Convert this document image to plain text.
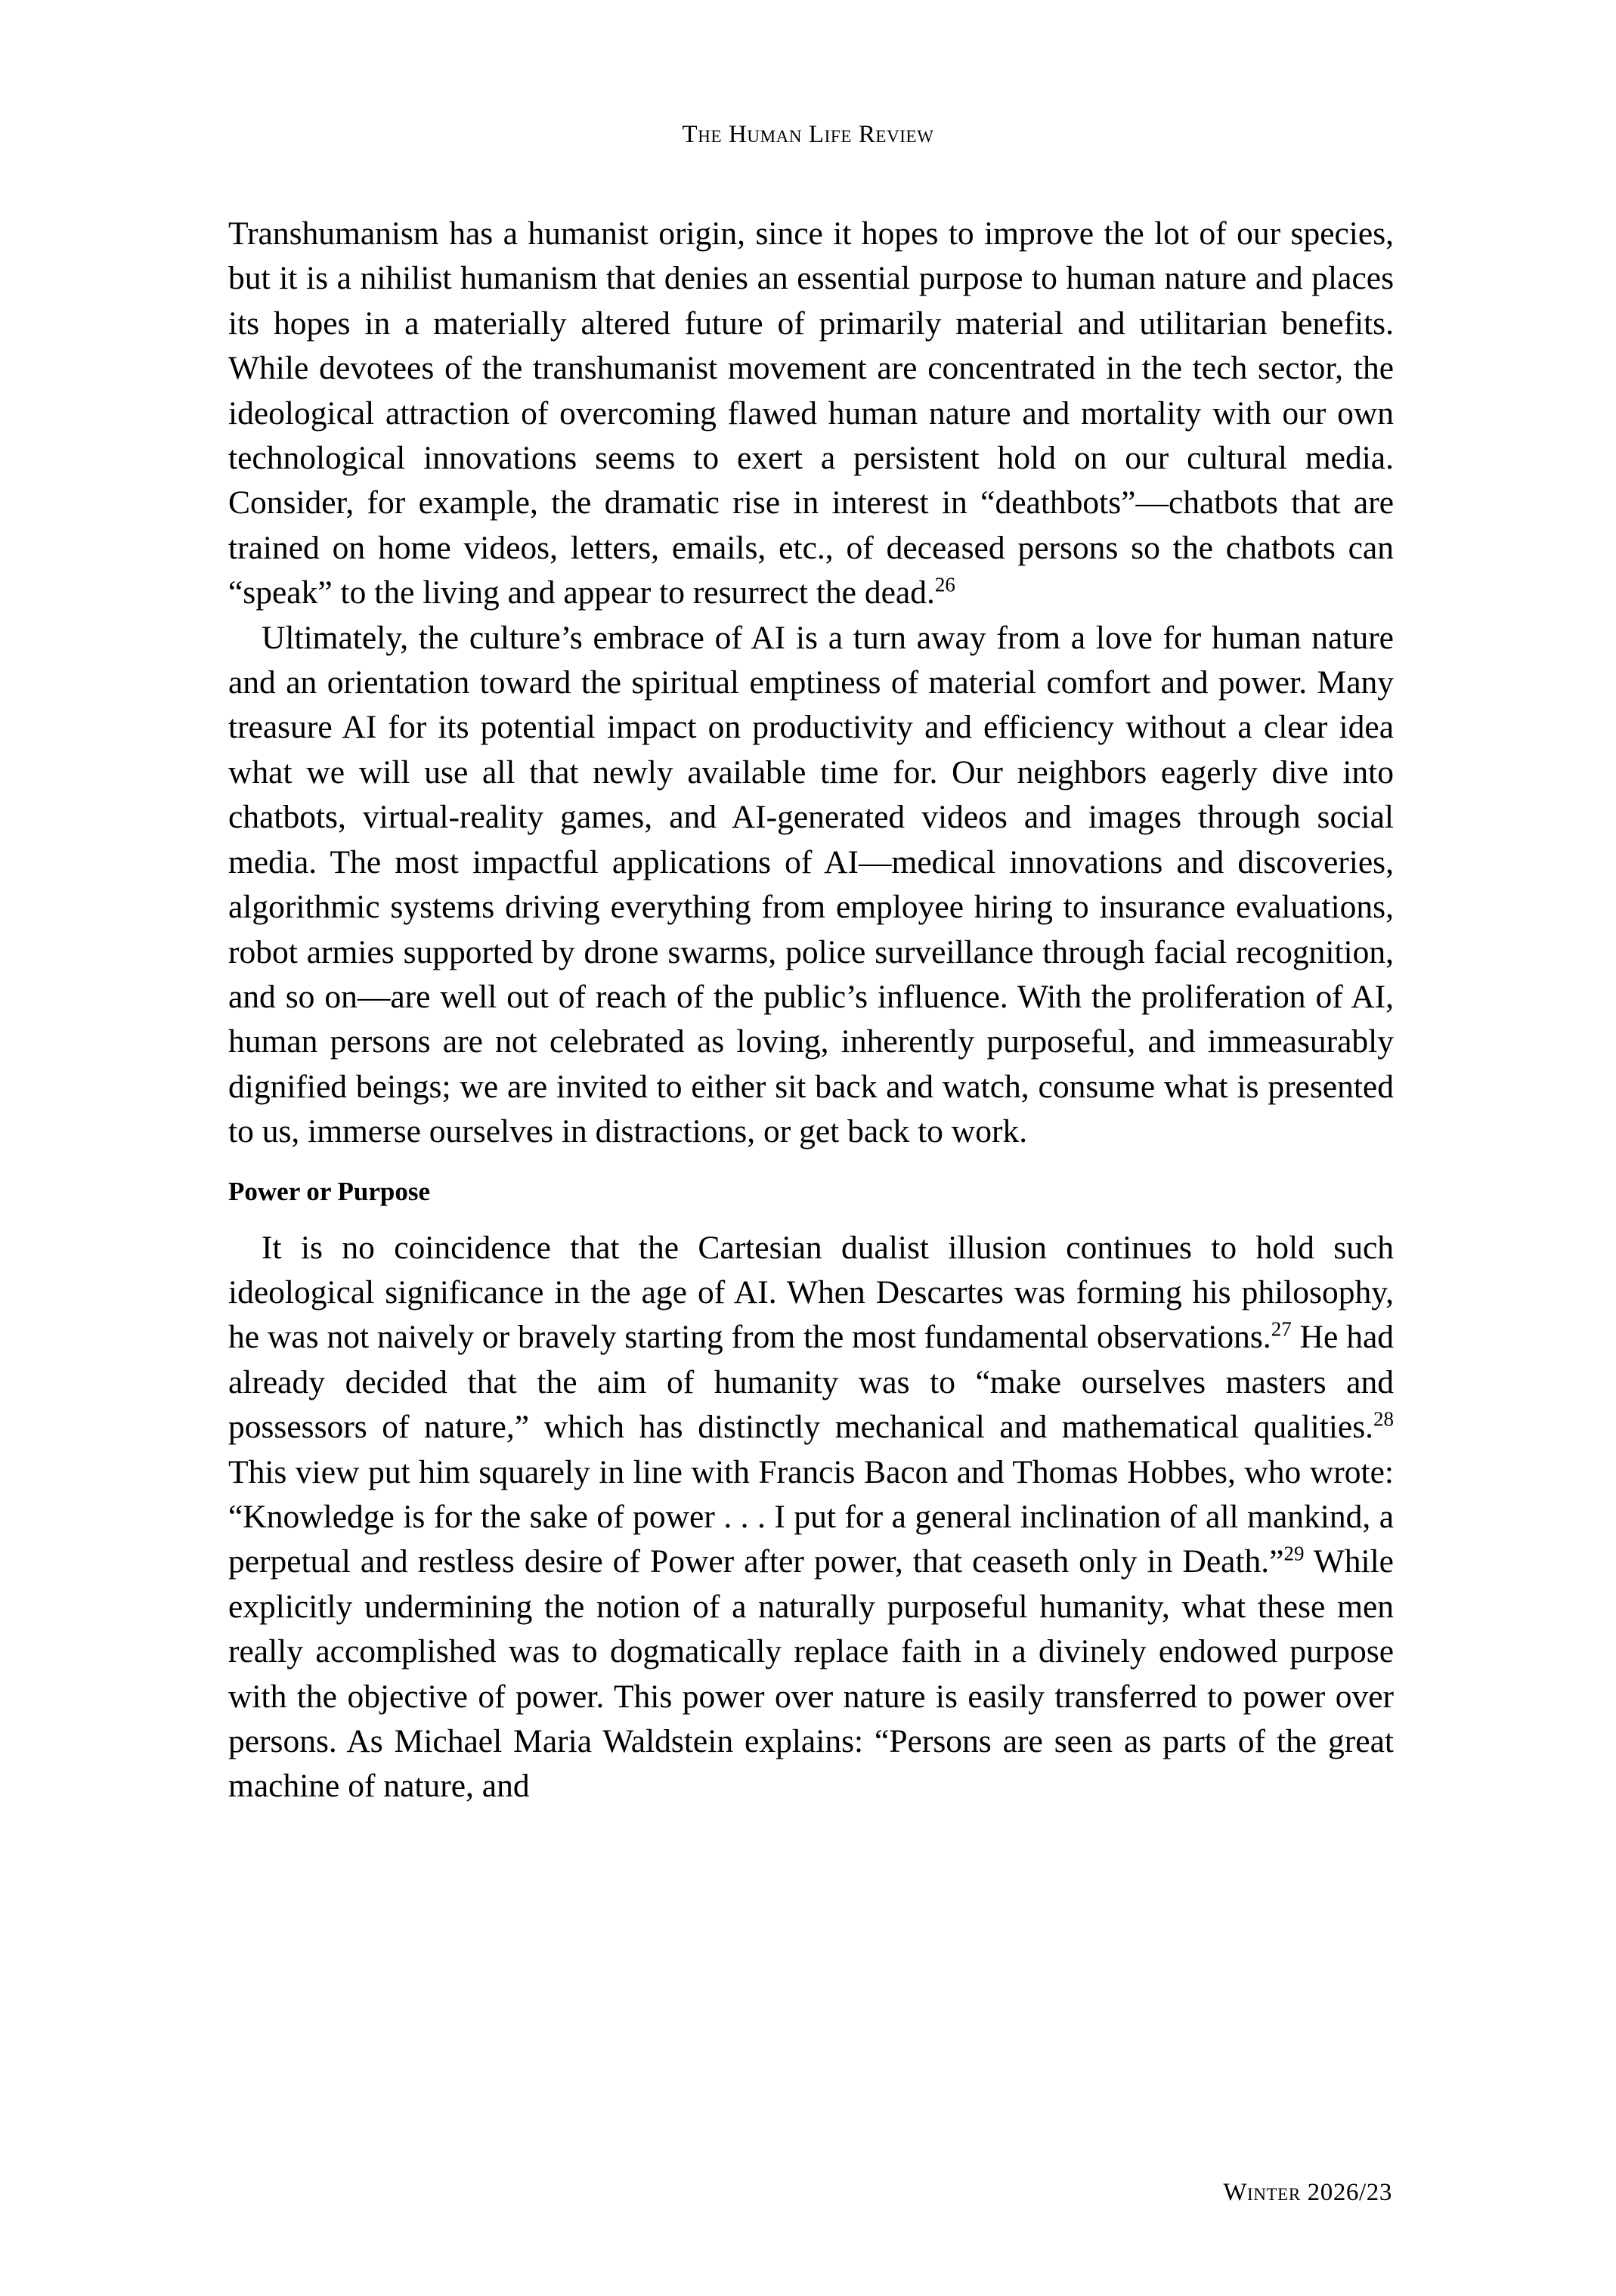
The Human Life Review

Transhumanism has a humanist origin, since it hopes to improve the lot of our species, but it is a nihilist humanism that denies an essential purpose to human nature and places its hopes in a materially altered future of primarily material and utilitarian benefits. While devotees of the transhumanist movement are concentrated in the tech sector, the ideological attraction of overcoming flawed human nature and mortality with our own technological innovations seems to exert a persistent hold on our cultural media. Consider, for example, the dramatic rise in interest in “deathbots”—chatbots that are trained on home videos, letters, emails, etc., of deceased persons so the chatbots can “speak” to the living and appear to resurrect the dead.$^{26}$

Ultimately, the culture’s embrace of AI is a turn away from a love for human nature and an orientation toward the spiritual emptiness of material comfort and power. Many treasure AI for its potential impact on productivity and efficiency without a clear idea what we will use all that newly available time for. Our neighbors eagerly dive into chatbots, virtual-reality games, and AI-generated videos and images through social media. The most impactful applications of AI—medical innovations and discoveries, algorithmic systems driving everything from employee hiring to insurance evaluations, robot armies supported by drone swarms, police surveillance through facial recognition, and so on—are well out of reach of the public’s influence. With the proliferation of AI, human persons are not celebrated as loving, inherently purposeful, and immeasurably dignified beings; we are invited to either sit back and watch, consume what is presented to us, immerse ourselves in distractions, or get back to work.

Power or Purpose

It is no coincidence that the Cartesian dualist illusion continues to hold such ideological significance in the age of AI. When Descartes was forming his philosophy, he was not naively or bravely starting from the most fundamental observations.$^{27}$ He had already decided that the aim of humanity was to “make ourselves masters and possessors of nature,” which has distinctly mechanical and mathematical qualities.$^{28}$ This view put him squarely in line with Francis Bacon and Thomas Hobbes, who wrote: “Knowledge is for the sake of power . . . I put for a general inclination of all mankind, a perpetual and restless desire of Power after power, that ceaseth only in Death.”$^{29}$ While explicitly undermining the notion of a naturally purposeful humanity, what these men really accomplished was to dogmatically replace faith in a divinely endowed purpose with the objective of power. This power over nature is easily transferred to power over persons. As Michael Maria Waldstein explains: “Persons are seen as parts of the great machine of nature, and

Winter 2026/23
